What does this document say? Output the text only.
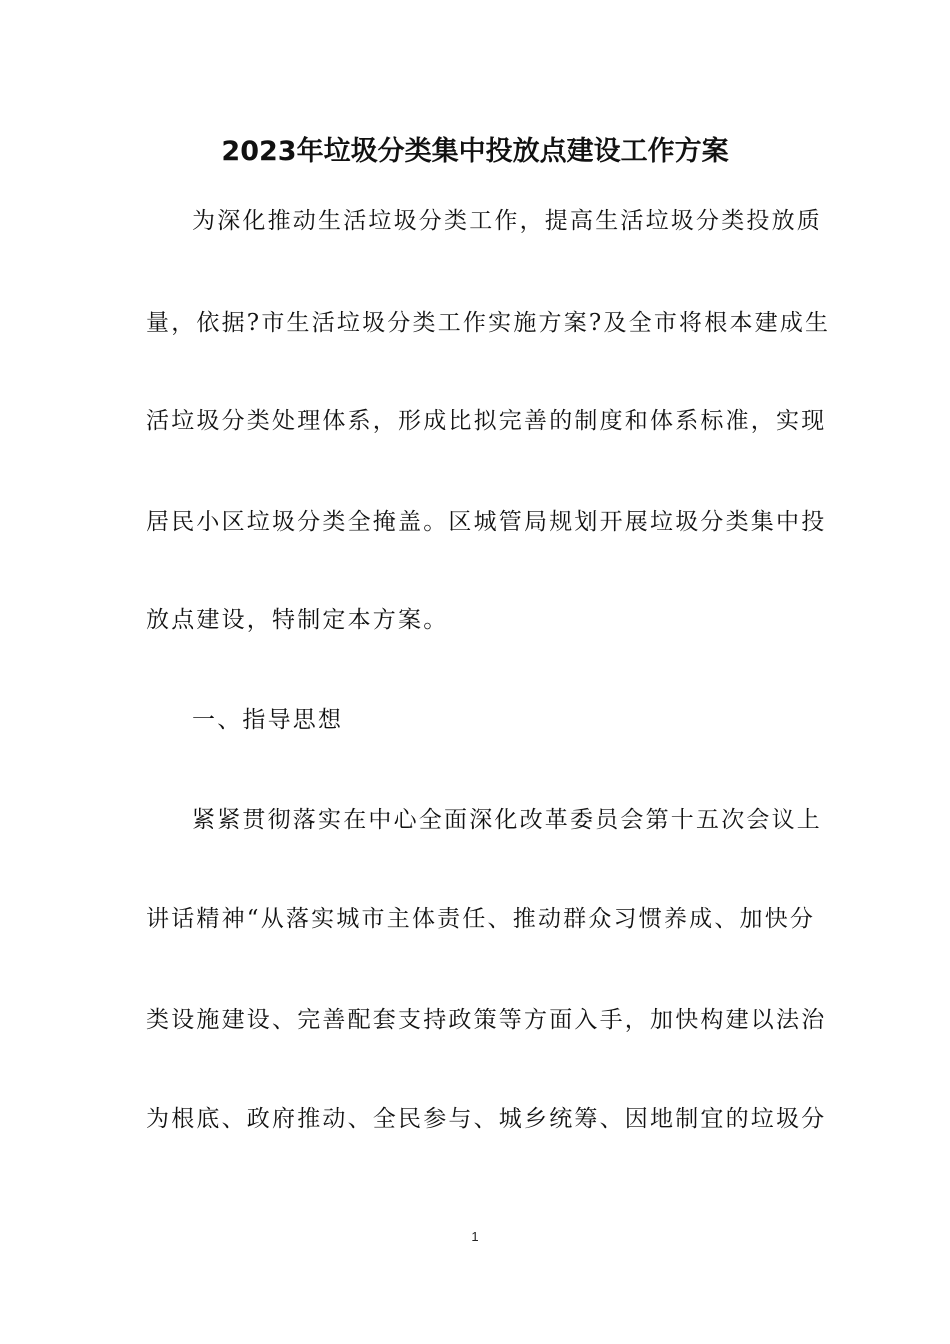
2023年垃圾分类集中投放点建设工作方案
为深化推动生活垃圾分类工作，提高生活垃圾分类投放质
量，依据?市生活垃圾分类工作实施方案?及全市将根本建成生
活垃圾分类处理体系，形成比拟完善的制度和体系标准，实现
居民小区垃圾分类全掩盖。区城管局规划开展垃圾分类集中投
放点建设，特制定本方案。
一、指导思想
紧紧贯彻落实在中心全面深化改革委员会第十五次会议上
讲话精神“从落实城市主体责任、推动群众习惯养成、加快分
类设施建设、完善配套支持政策等方面入手，加快构建以法治
为根底、政府推动、全民参与、城乡统筹、因地制宜的垃圾分
1
